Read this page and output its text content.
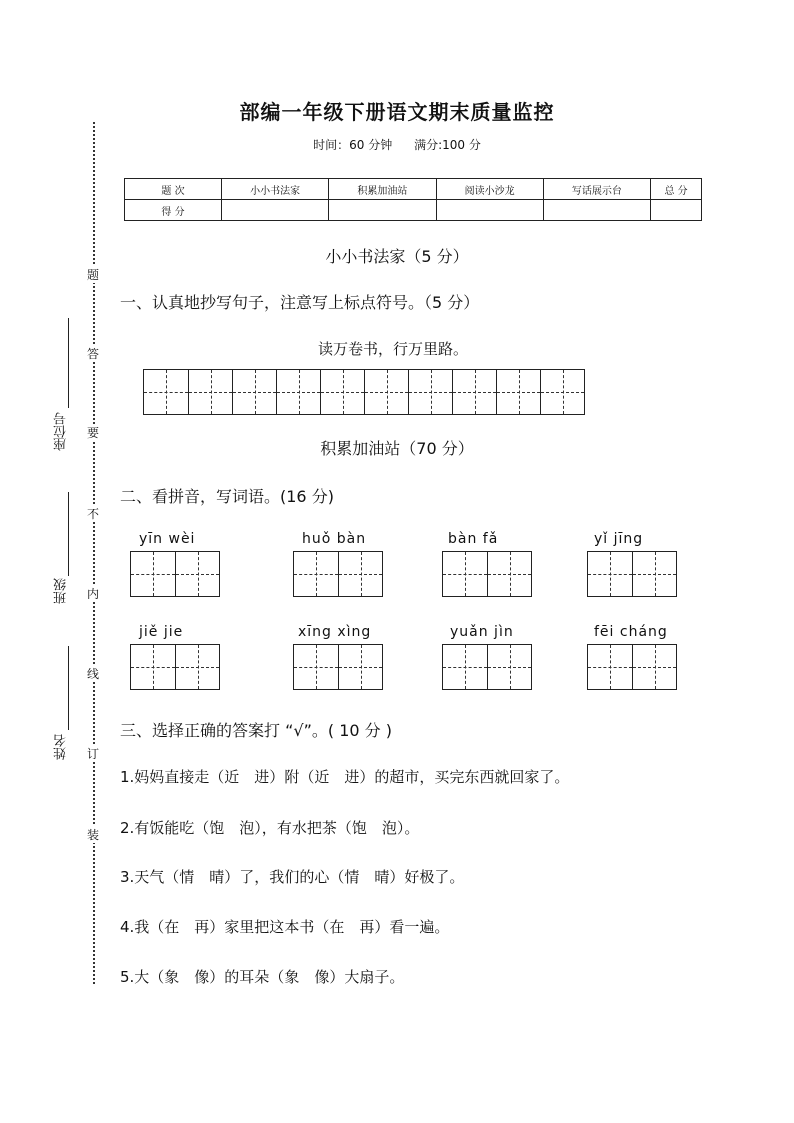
题
答
要
不
内
线
订
装
座位号
班级
姓名
部编一年级下册语文期末质量监控
时间：60 分钟 满分:100 分
题 次	小小书法家	积累加油站	阅读小沙龙	写话展示台	总 分
得 分					
小小书法家（5 分）
一、认真地抄写句子，注意写上标点符号。（5 分）
读万卷书，行万里路。
积累加油站（70 分）
二、看拼音，写词语。(16 分)
yīn wèi	huǒ bàn	bàn fǎ	yǐ jīng
jiě jie	xīng xìng	yuǎn jìn	fēi cháng
三、选择正确的答案打 “√”。( 10 分 )
1.妈妈直接走（近　进）附（近　进）的超市，买完东西就回家了。
2.有饭能吃（饱　泡），有水把茶（饱　泡）。
3.天气（情　晴）了，我们的心（情　晴）好极了。
4.我（在　再）家里把这本书（在　再）看一遍。
5.大（象　像）的耳朵（象　像）大扇子。
